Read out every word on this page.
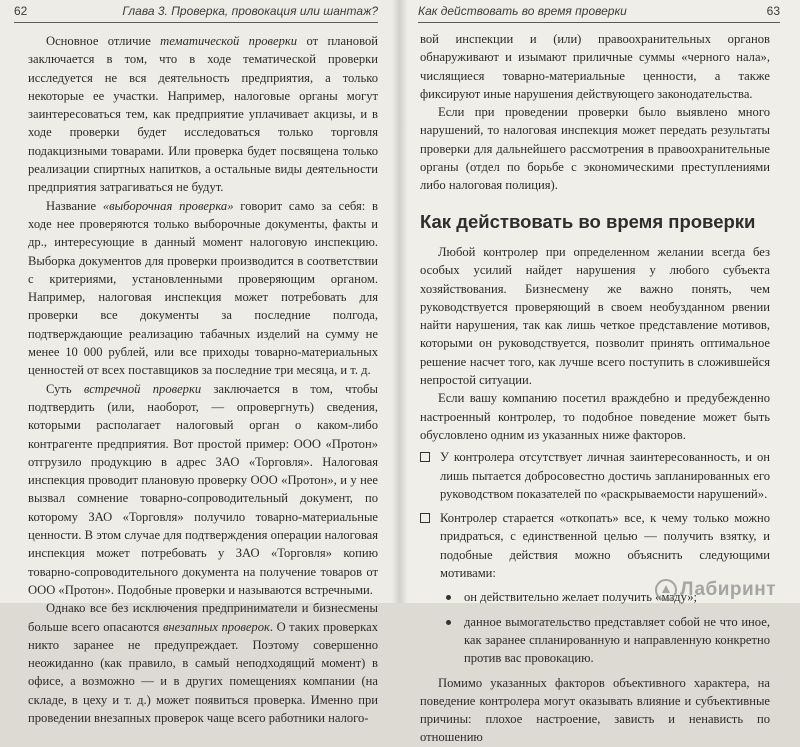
62	Глава 3. Проверка, провокация или шантаж?

Основное отличие тематической проверки от плановой заключается в том, что в ходе тематической проверки исследуется не вся деятельность предприятия, а только некоторые ее участки. Например, налоговые органы могут заинтересоваться тем, как предприятие уплачивает акцизы, и в ходе проверки будет исследоваться только торговля подакцизными товарами. Или проверка будет посвящена только реализации спиртных напитков, а остальные виды деятельности предприятия затрагиваться не будут.

Название «выборочная проверка» говорит само за себя: в ходе нее проверяются только выборочные документы, факты и др., интересующие в данный момент налоговую инспекцию. Выборка документов для проверки производится в соответствии с критериями, установленными проверяющим органом. Например, налоговая инспекция может потребовать для проверки все документы за последние полгода, подтверждающие реализацию табачных изделий на сумму не менее 10 000 рублей, или все приходы товарно-материальных ценностей от всех поставщиков за последние три месяца, и т. д.

Суть встречной проверки заключается в том, чтобы подтвердить (или, наоборот, — опровергнуть) сведения, которыми располагает налоговый орган о каком-либо контрагенте предприятия. Вот простой пример: ООО «Протон» отгрузило продукцию в адрес ЗАО «Торговля». Налоговая инспекция проводит плановую проверку ООО «Протон», и у нее вызвал сомнение товарно-сопроводительный документ, по которому ЗАО «Торговля» получило товарно-материальные ценности. В этом случае для подтверждения операции налоговая инспекция может потребовать у ЗАО «Торговля» копию товарно-сопроводительного документа на получение товаров от ООО «Протон». Подобные проверки и называются встречными.

Однако все без исключения предприниматели и бизнесмены больше всего опасаются внезапных проверок. О таких проверках никто заранее не предупреждает. Поэтому совершенно неожиданно (как правило, в самый неподходящий момент) в офисе, а возможно — и в других помещениях компании (на складе, в цеху и т. д.) может появиться проверка. Именно при проведении внезапных проверок чаще всего работники налого-

Как действовать во время проверки	63

вой инспекции и (или) правоохранительных органов обнаруживают и изымают приличные суммы «черного нала», числящиеся товарно-материальные ценности, а также фиксируют иные нарушения действующего законодательства.

Если при проведении проверки было выявлено много нарушений, то налоговая инспекция может передать результаты проверки для дальнейшего рассмотрения в правоохранительные органы (отдел по борьбе с экономическими преступлениями либо налоговая полиция).

Как действовать во время проверки

Любой контролер при определенном желании всегда без особых усилий найдет нарушения у любого субъекта хозяйствования. Бизнесмену же важно понять, чем руководствуется проверяющий в своем необузданном рвении найти нарушения, так как лишь четкое представление мотивов, которыми он руководствуется, позволит принять оптимальное решение насчет того, как лучше всего поступить в сложившейся непростой ситуации.

Если вашу компанию посетил враждебно и предубежденно настроенный контролер, то подобное поведение может быть обусловлено одним из указанных ниже факторов.

У контролера отсутствует личная заинтересованность, и он лишь пытается добросовестно достичь запланированных его руководством показателей по «раскрываемости нарушений».
Контролер старается «откопать» все, к чему только можно придраться, с единственной целью — получить взятку, и подобные действия можно объяснить следующими мотивами:
он действительно желает получить «мзду»;
данное вымогательство представляет собой не что иное, как заранее спланированную и направленную конкретно против вас провокацию.

Помимо указанных факторов объективного характера, на поведение контролера могут оказывать влияние и субъективные причины: плохое настроение, зависть и ненависть по отношению

Лабиринт
